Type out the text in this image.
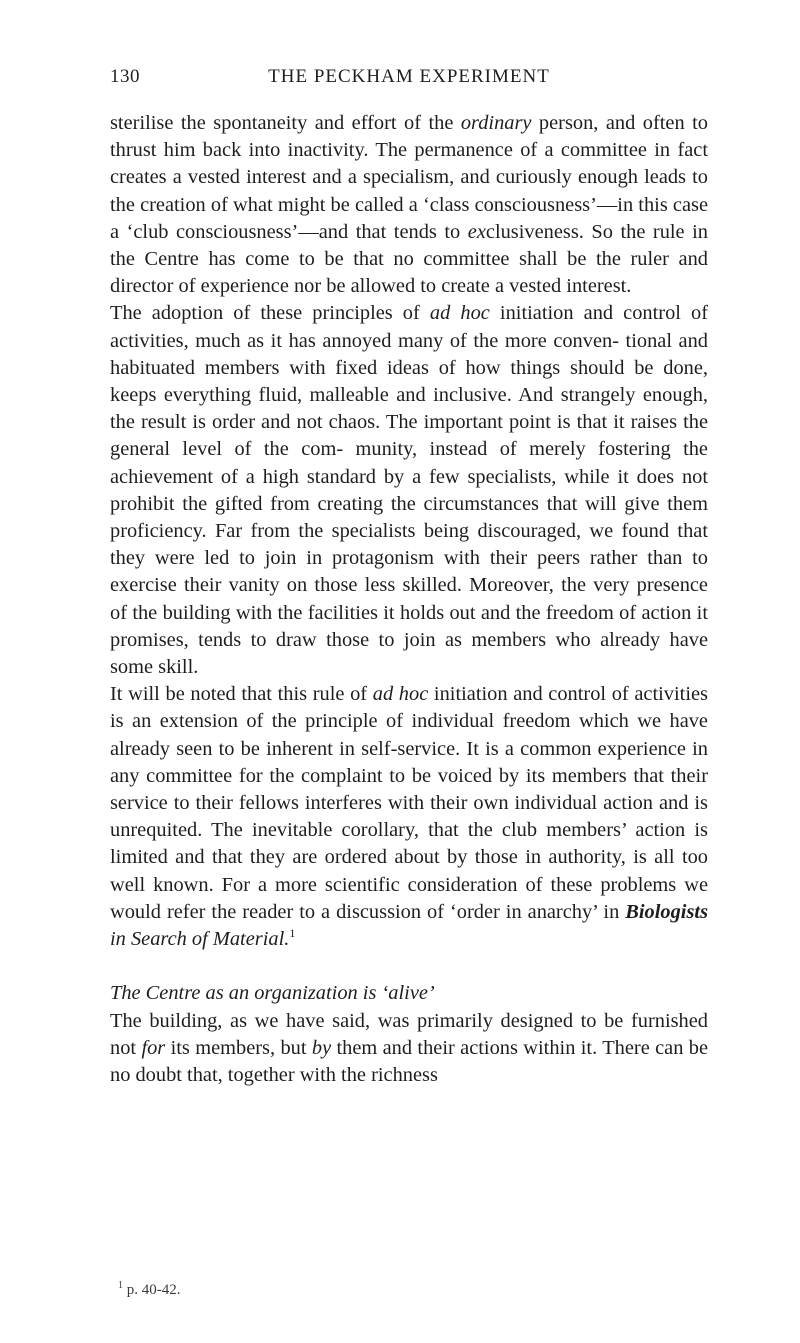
130	THE PECKHAM EXPERIMENT

sterilise the spontaneity and effort of the ordinary person, and often to thrust him back into inactivity. The permanence of a committee in fact creates a vested interest and a specialism, and curiously enough leads to the creation of what might be called a ‘class consciousness’—in this case a ‘club consciousness’—and that tends to exclusiveness. So the rule in the Centre has come to be that no committee shall be the ruler and director of experience nor be allowed to create a vested interest.

The adoption of these principles of ad hoc initiation and control of activities, much as it has annoyed many of the more conven- tional and habituated members with fixed ideas of how things should be done, keeps everything fluid, malleable and inclusive. And strangely enough, the result is order and not chaos. The important point is that it raises the general level of the com- munity, instead of merely fostering the achievement of a high standard by a few specialists, while it does not prohibit the gifted from creating the circumstances that will give them proficiency. Far from the specialists being discouraged, we found that they were led to join in protagonism with their peers rather than to exercise their vanity on those less skilled. Moreover, the very presence of the building with the facilities it holds out and the freedom of action it promises, tends to draw those to join as members who already have some skill.

It will be noted that this rule of ad hoc initiation and control of activities is an extension of the principle of individual freedom which we have already seen to be inherent in self-service. It is a common experience in any committee for the complaint to be voiced by its members that their service to their fellows interferes with their own individual action and is unrequited. The inevitable corollary, that the club members’ action is limited and that they are ordered about by those in authority, is all too well known. For a more scientific consideration of these problems we would refer the reader to a discussion of ‘order in anarchy’ in Biologists in Search of Material.$^1$

The Centre as an organization is ‘alive’

The building, as we have said, was primarily designed to be furnished not for its members, but by them and their actions within it. There can be no doubt that, together with the richness

$^1$ p. 40-42.
